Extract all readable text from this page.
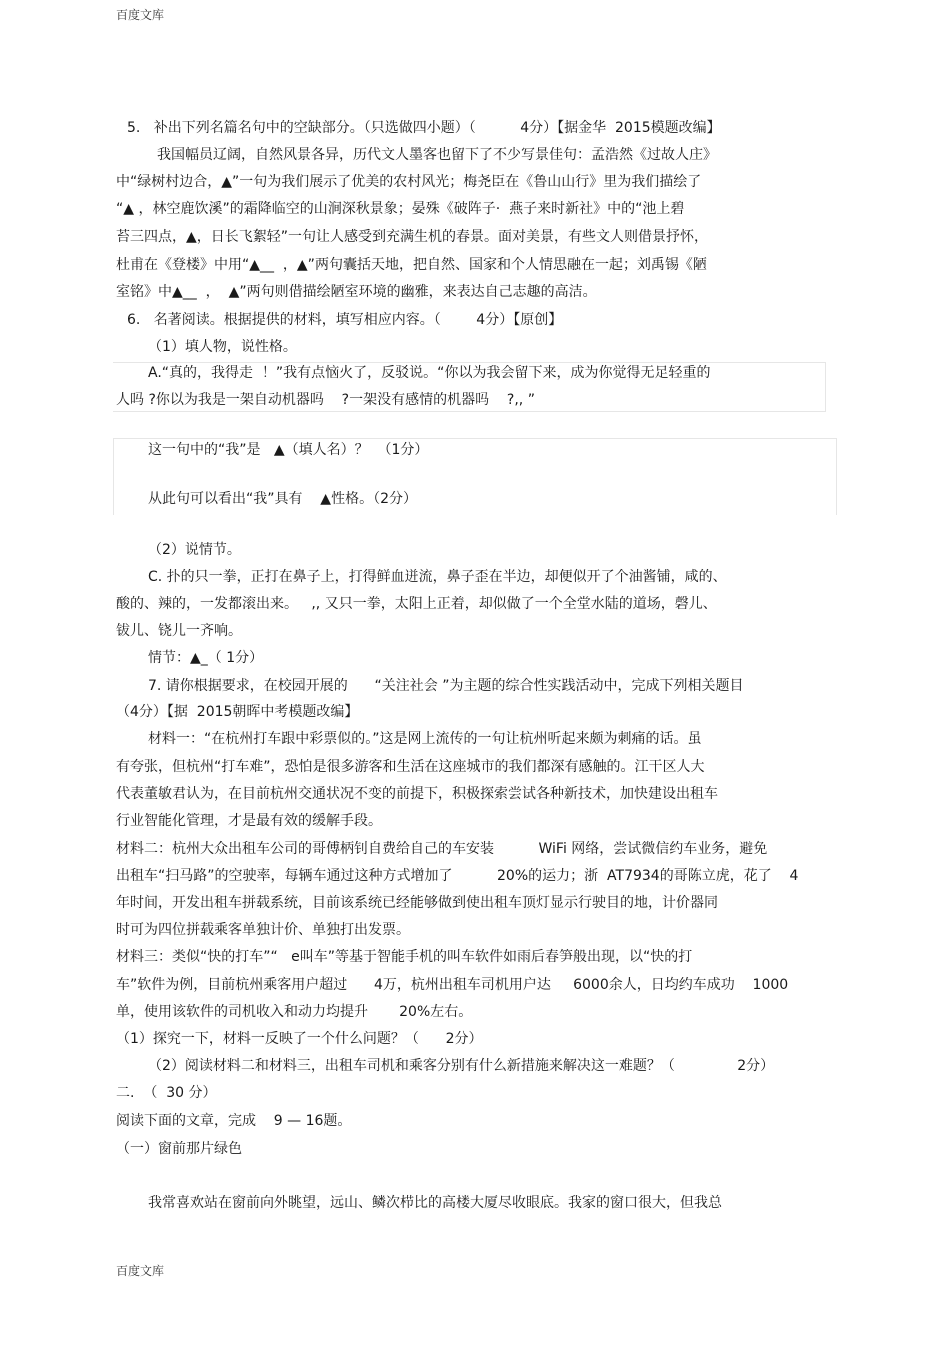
百度文库
5.   补出下列名篇名句中的空缺部分。（只选做四小题）（          4分）【据金华  2015模题改编】
我国幅员辽阔，自然风景各异，历代文人墨客也留下了不少写景佳句：孟浩然《过故人庄》
中“绿树村边合，▲”一句为我们展示了优美的农村风光；梅尧臣在《鲁山山行》里为我们描绘了
“▲ ，林空鹿饮溪”的霜降临空的山涧深秋景象；晏殊《破阵子·  燕子来时新社》中的“池上碧
苔三四点，▲，日长飞絮轻”一句让人感受到充满生机的春景。面对美景，有些文人则借景抒怀，
杜甫在《登楼》中用“▲__  ，▲”两句囊括天地，把自然、国家和个人情思融在一起；刘禹锡《陋
室铭》中▲__  ，  ▲”两句则借描绘陋室环境的幽雅，来表达自己志趣的高洁。
6.   名著阅读。根据提供的材料，填写相应内容。（        4分）【原创】
（1）填人物，说性格。
A.“真的，我得走  ！”我有点恼火了，反驳说。“你以为我会留下来，成为你觉得无足轻重的
人吗 ?你以为我是一架自动机器吗    ?一架没有感情的机器吗    ?,, ”
这一句中的“我”是   ▲（填人名）？  （1分）
从此句可以看出“我”具有    ▲性格。（2分）
（2）说情节。
C. 扑的只一拳，正打在鼻子上，打得鲜血迸流，鼻子歪在半边，却便似开了个油酱铺，咸的、
酸的、辣的，一发都滚出来。   ,, 又只一拳，太阳上正着，却似做了一个全堂水陆的道场，磬儿、
钹儿、铙儿一齐响。
情节：▲_（ 1分）
7. 请你根据要求，在校园开展的      “关注社会 ”为主题的综合性实践活动中，完成下列相关题目
（4分）【据  2015朝晖中考模题改编】
材料一：“在杭州打车跟中彩票似的。”这是网上流传的一句让杭州听起来颇为刺痛的话。虽
有夸张，但杭州“打车难”，恐怕是很多游客和生活在这座城市的我们都深有感触的。江干区人大
代表董敏君认为，在目前杭州交通状况不变的前提下，积极探索尝试各种新技术，加快建设出租车
行业智能化管理，才是最有效的缓解手段。
材料二：杭州大众出租车公司的哥傅柄钊自费给自己的车安装          WiFi 网络，尝试微信约车业务，避免
出租车“扫马路”的空驶率，每辆车通过这种方式增加了          20%的运力；浙  AT7934的哥陈立虎，花了    4
年时间，开发出租车拼载系统，目前该系统已经能够做到使出租车顶灯显示行驶目的地，计价器同
时可为四位拼载乘客单独计价、单独打出发票。
材料三：类似“快的打车”“   e叫车”等基于智能手机的叫车软件如雨后春笋般出现，以“快的打
车”软件为例，目前杭州乘客用户超过      4万，杭州出租车司机用户达     6000余人，日均约车成功    1000
单，使用该软件的司机收入和动力均提升       20%左右。
（1）探究一下，材料一反映了一个什么问题？（      2分）
（2）阅读材料二和材料三，出租车司机和乘客分别有什么新措施来解决这一难题？（              2分）
二.  （  30 分）
阅读下面的文章，完成    9 — 16题。
（一）窗前那片绿色
我常喜欢站在窗前向外眺望，远山、鳞次栉比的高楼大厦尽收眼底。我家的窗口很大，但我总
百度文库
